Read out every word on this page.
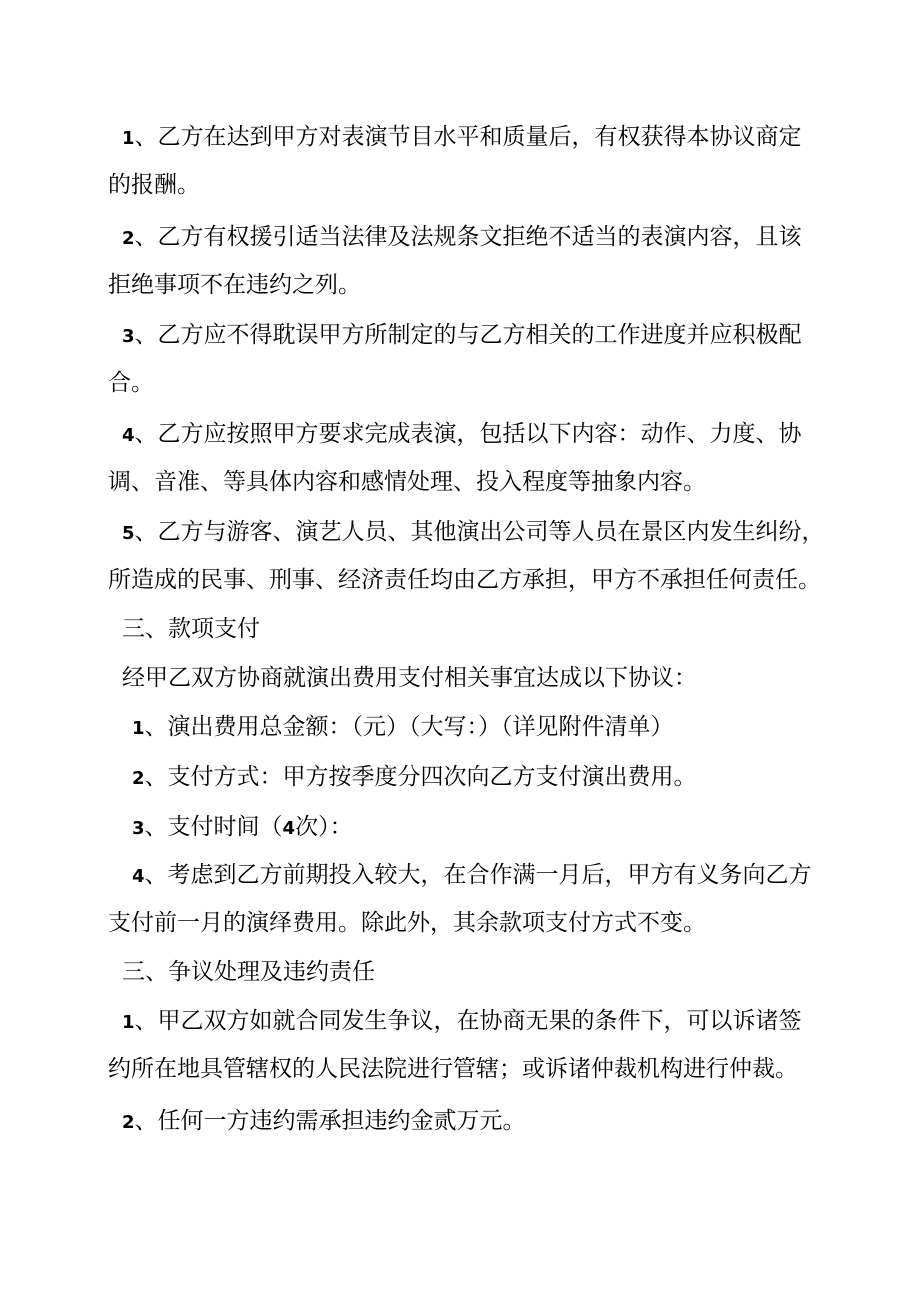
1、乙方在达到甲方对表演节目水平和质量后，有权获得本协议商定
的报酬。
2、乙方有权援引适当法律及法规条文拒绝不适当的表演内容，且该
拒绝事项不在违约之列。
3、乙方应不得耽误甲方所制定的与乙方相关的工作进度并应积极配
合。
4、乙方应按照甲方要求完成表演，包括以下内容：动作、力度、协
调、音准、等具体内容和感情处理、投入程度等抽象内容。
5、乙方与游客、演艺人员、其他演出公司等人员在景区内发生纠纷，
所造成的民事、刑事、经济责任均由乙方承担，甲方不承担任何责任。
三、款项支付
经甲乙双方协商就演出费用支付相关事宜达成以下协议：
1、演出费用总金额：（元）（大写：）（详见附件清单）
2、支付方式：甲方按季度分四次向乙方支付演出费用。
3、支付时间（4次）：
4、考虑到乙方前期投入较大，在合作满一月后，甲方有义务向乙方
支付前一月的演绎费用。除此外，其余款项支付方式不变。
三、争议处理及违约责任
1、甲乙双方如就合同发生争议，在协商无果的条件下，可以诉诸签
约所在地具管辖权的人民法院进行管辖；或诉诸仲裁机构进行仲裁。
2、任何一方违约需承担违约金贰万元。
